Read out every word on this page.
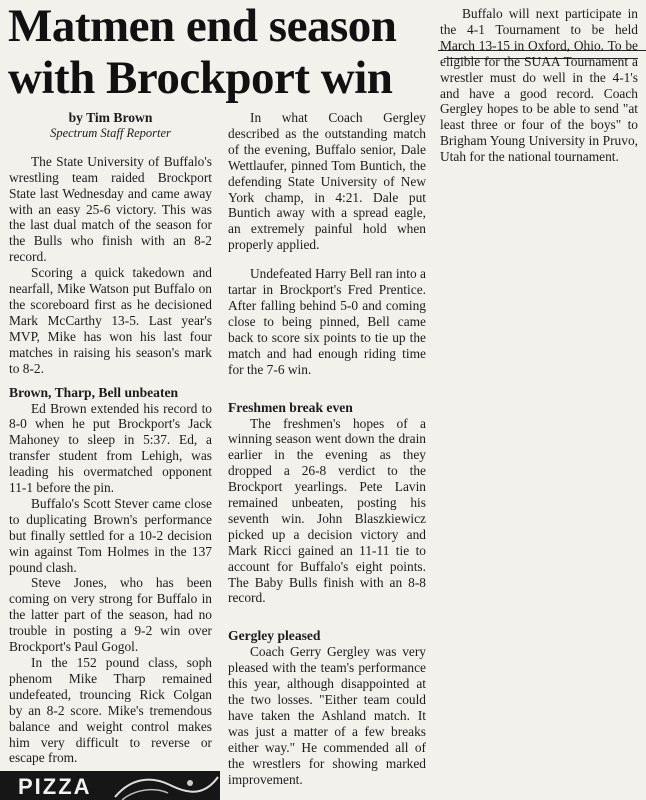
Matmen end season
with Brockport win
by Tim Brown
Spectrum Staff Reporter

The State University of Buffalo's wrestling team raided Brockport State last Wednesday and came away with an easy 25-6 victory. This was the last dual match of the season for the Bulls who finish with an 8-2 record.

Scoring a quick takedown and nearfall, Mike Watson put Buffalo on the scoreboard first as he decisioned Mark McCarthy 13-5. Last year's MVP, Mike has won his last four matches in raising his season's mark to 8-2.

Brown, Tharp, Bell unbeaten

Ed Brown extended his record to 8-0 when he put Brockport's Jack Mahoney to sleep in 5:37. Ed, a transfer student from Lehigh, was leading his overmatched opponent 11-1 before the pin.

Buffalo's Scott Stever came close to duplicating Brown's performance but finally settled for a 10-2 decision win against Tom Holmes in the 137 pound clash.

Steve Jones, who has been coming on very strong for Buffalo in the latter part of the season, had no trouble in posting a 9-2 win over Brockport's Paul Gogol.

In the 152 pound class, soph phenom Mike Tharp remained undefeated, trouncing Rick Colgan by an 8-2 score. Mike's tremendous balance and weight control makes him very difficult to reverse or escape from.

In what Coach Gergley described as the outstanding match of the evening, Buffalo senior, Dale Wettlaufer, pinned Tom Buntich, the defending State University of New York champ, in 4:21. Dale put Buntich away with a spread eagle, an extremely painful hold when properly applied.

Undefeated Harry Bell ran into a tartar in Brockport's Fred Prentice. After falling behind 5-0 and coming close to being pinned, Bell came back to score six points to tie up the match and had enough riding time for the 7-6 win.

Freshmen break even

The freshmen's hopes of a winning season went down the drain earlier in the evening as they dropped a 26-8 verdict to the Brockport yearlings. Pete Lavin remained unbeaten, posting his seventh win. John Blaszkiewicz picked up a decision victory and Mark Ricci gained an 11-11 tie to account for Buffalo's eight points. The Baby Bulls finish with an 8-8 record.

Gergley pleased

Coach Gerry Gergley was very pleased with the team's performance this year, although disappointed at the two losses. "Either team could have taken the Ashland match. It was just a matter of a few breaks either way." He commended all of the wrestlers for showing marked improvement.

Buffalo will next participate in the 4-1 Tournament to be held March 13-15 in Oxford, Ohio. To be eligible for the SUAA Tournament a wrestler must do well in the 4-1's and have a good record. Coach Gergley hopes to be able to send "at least three or four of the boys" to Brigham Young University in Pruvo, Utah for the national tournament.

PIZZA
